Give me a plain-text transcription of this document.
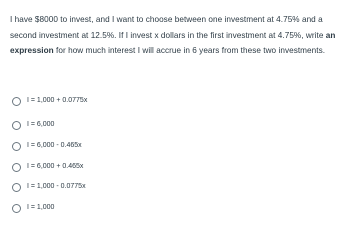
I have $8000 to invest, and I want to choose between one investment at 4.75% and a second investment at 12.5%. If I invest x dollars in the first investment at 4.75%, write an expression for how much interest I will accrue in 6 years from these two investments.
I = 1,000 + 0.0775x
I = 6,000
I = 6,000 - 0.465x
I = 6,000 + 0.465x
I = 1,000 - 0.0775x
I = 1,000
